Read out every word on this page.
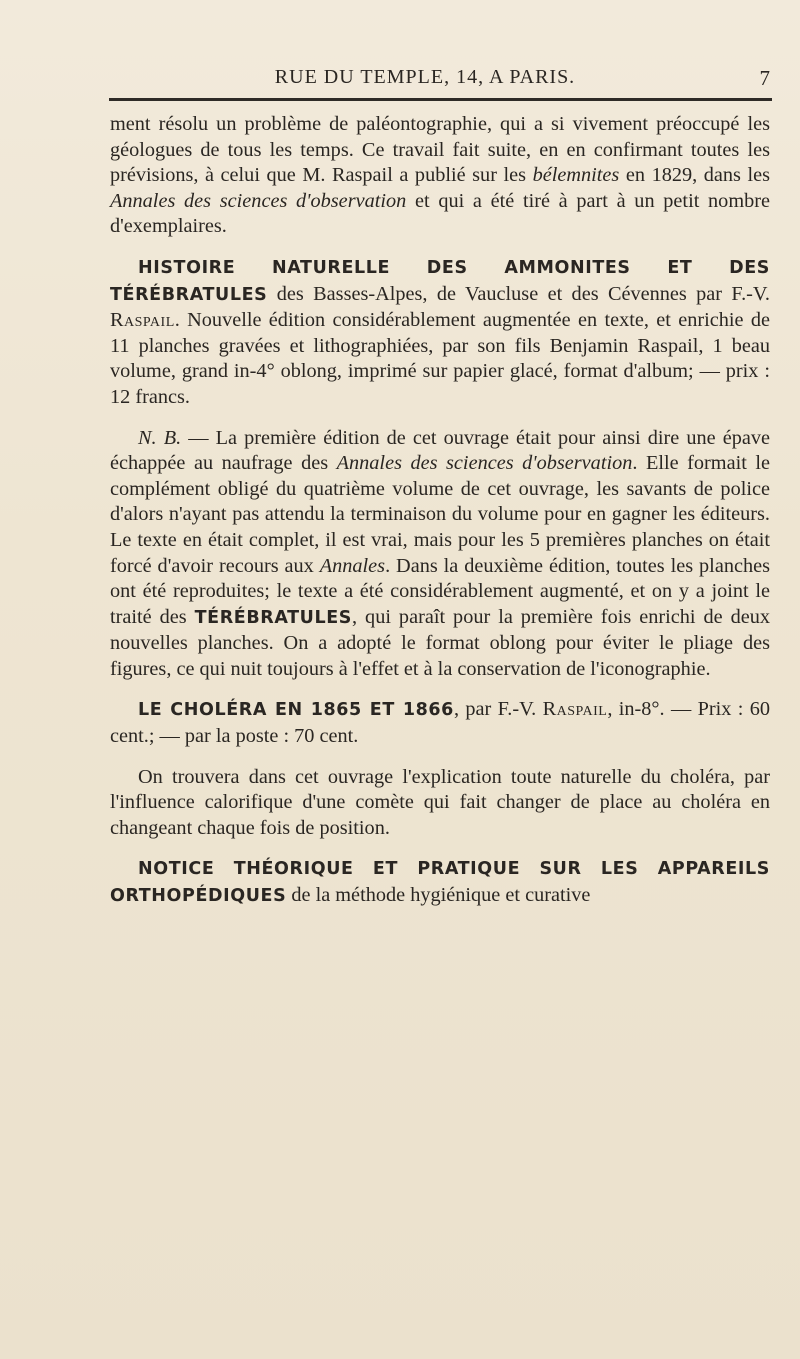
RUE DU TEMPLE, 14, A PARIS.	7

ment résolu un problème de paléontographie, qui a si vivement préoccupé les géologues de tous les temps. Ce travail fait suite, en en confirmant toutes les prévisions, à celui que M. Raspail a publié sur les bélemnites en 1829, dans les Annales des sciences d'observation et qui a été tiré à part à un petit nombre d'exemplaires.

HISTOIRE NATURELLE DES AMMONITES ET DES TÉRÉBRATULES des Basses-Alpes, de Vaucluse et des Cévennes par F.-V. Raspail. Nouvelle édition considérablement augmentée en texte, et enrichie de 11 planches gravées et lithographiées, par son fils Benjamin Raspail, 1 beau volume, grand in-4° oblong, imprimé sur papier glacé, format d'album; — prix : 12 francs.

N. B. — La première édition de cet ouvrage était pour ainsi dire une épave échappée au naufrage des Annales des sciences d'observation. Elle formait le complément obligé du quatrième volume de cet ouvrage, les savants de police d'alors n'ayant pas attendu la terminaison du volume pour en gagner les éditeurs. Le texte en était complet, il est vrai, mais pour les 5 premières planches on était forcé d'avoir recours aux Annales. Dans la deuxième édition, toutes les planches ont été reproduites; le texte a été considérablement augmenté, et on y a joint le traité des TÉRÉBRATULES, qui paraît pour la première fois enrichi de deux nouvelles planches. On a adopté le format oblong pour éviter le pliage des figures, ce qui nuit toujours à l'effet et à la conservation de l'iconographie.

LE CHOLÉRA EN 1865 ET 1866, par F.-V. Raspail, in-8°. — Prix : 60 cent.; — par la poste : 70 cent.

On trouvera dans cet ouvrage l'explication toute naturelle du choléra, par l'influence calorifique d'une comète qui fait changer de place au choléra en changeant chaque fois de position.

NOTICE THÉORIQUE ET PRATIQUE SUR LES APPAREILS ORTHOPÉDIQUES de la méthode hygiénique et curative
